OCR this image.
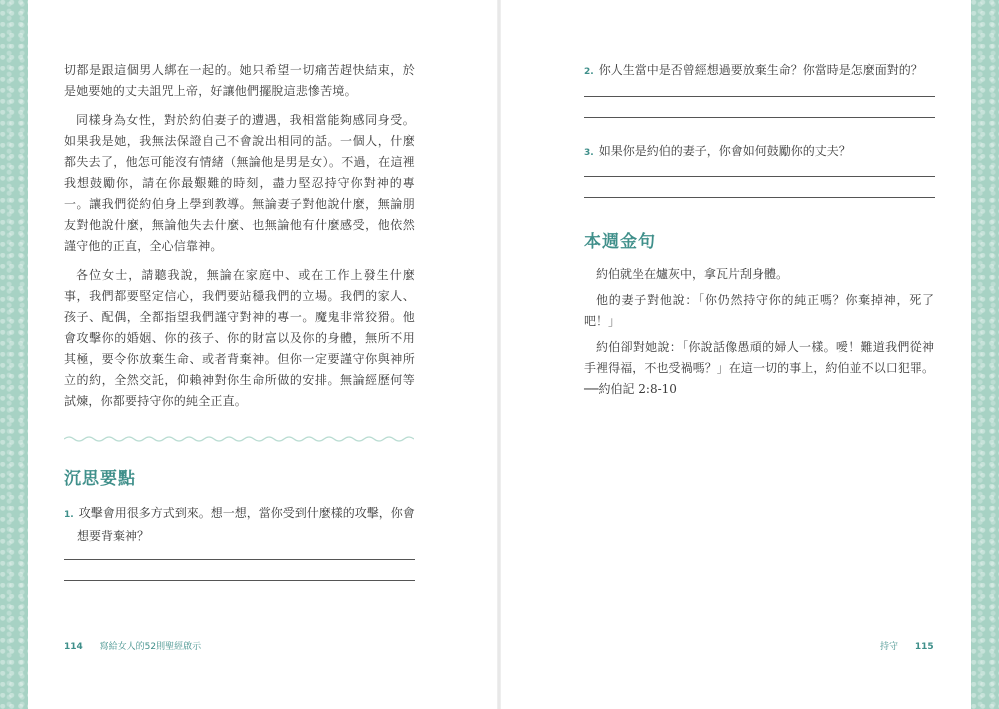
切都是跟這個男人綁在一起的。她只希望一切痛苦趕快結束，於是她要她的丈夫詛咒上帝，好讓他們擺脫這悲慘苦境。

同樣身為女性，對於約伯妻子的遭遇，我相當能夠感同身受。如果我是她，我無法保證自己不會說出相同的話。一個人，什麼都失去了，他怎可能沒有情緒（無論他是男是女）。不過，在這裡我想鼓勵你，請在你最艱難的時刻，盡力堅忍持守你對神的專一。讓我們從約伯身上學到教導。無論妻子對他說什麼，無論朋友對他說什麼，無論他失去什麼、也無論他有什麼感受，他依然謹守他的正直，全心信靠神。

各位女士，請聽我說，無論在家庭中、或在工作上發生什麼事，我們都要堅定信心，我們要站穩我們的立場。我們的家人、孩子、配偶，全都指望我們謹守對神的專一。魔鬼非常狡猾。他會攻擊你的婚姻、你的孩子、你的財富以及你的身體，無所不用其極，要令你放棄生命、或者背棄神。但你一定要謹守你與神所立的約，全然交託，仰賴神對你生命所做的安排。無論經歷何等試煉，你都要持守你的純全正直。

沉思要點
1. 攻擊會用很多方式到來。想一想，當你受到什麼樣的攻擊，你會
想要背棄神？
2. 你人生當中是否曾經想過要放棄生命？你當時是怎麼面對的？
3. 如果你是約伯的妻子，你會如何鼓勵你的丈夫？
本週金句

約伯就坐在爐灰中，拿瓦片刮身體。

他的妻子對他說：「你仍然持守你的純正嗎？你棄掉神，死了吧！」

約伯卻對她說：「你說話像愚頑的婦人一樣。噯！難道我們從神手裡得福，不也受禍嗎？」在這一切的事上，約伯並不以口犯罪。──約伯記 2:8-10

114 寫給女人的52則聖經啟示	持守 115
